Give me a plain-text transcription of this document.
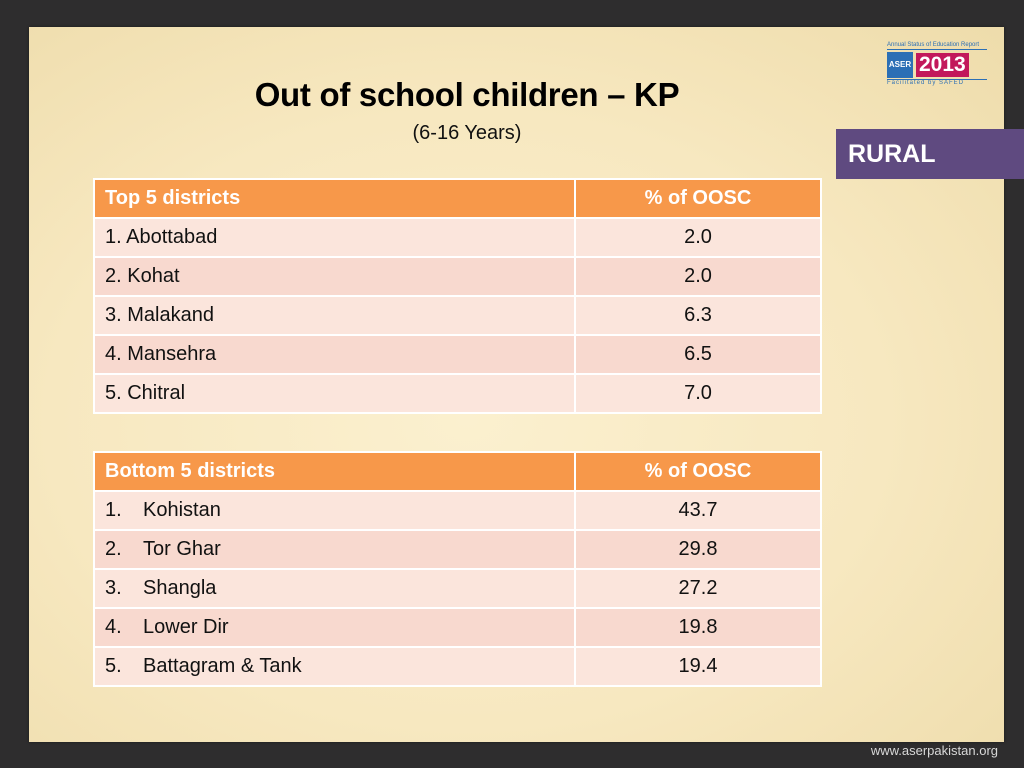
Out of school children – KP
(6-16 Years)
Annual Status of Education Report
ASER 2013
Facilitated by SAFED
RURAL
Top 5 districts	% of OOSC
1. Abottabad	2.0
2. Kohat	2.0
3. Malakand	6.3
4. Mansehra	6.5
5. Chitral	7.0
Bottom 5 districts	% of OOSC
1. Kohistan	43.7
2. Tor Ghar	29.8
3. Shangla	27.2
4. Lower Dir	19.8
5. Battagram & Tank	19.4
www.aserpakistan.org
